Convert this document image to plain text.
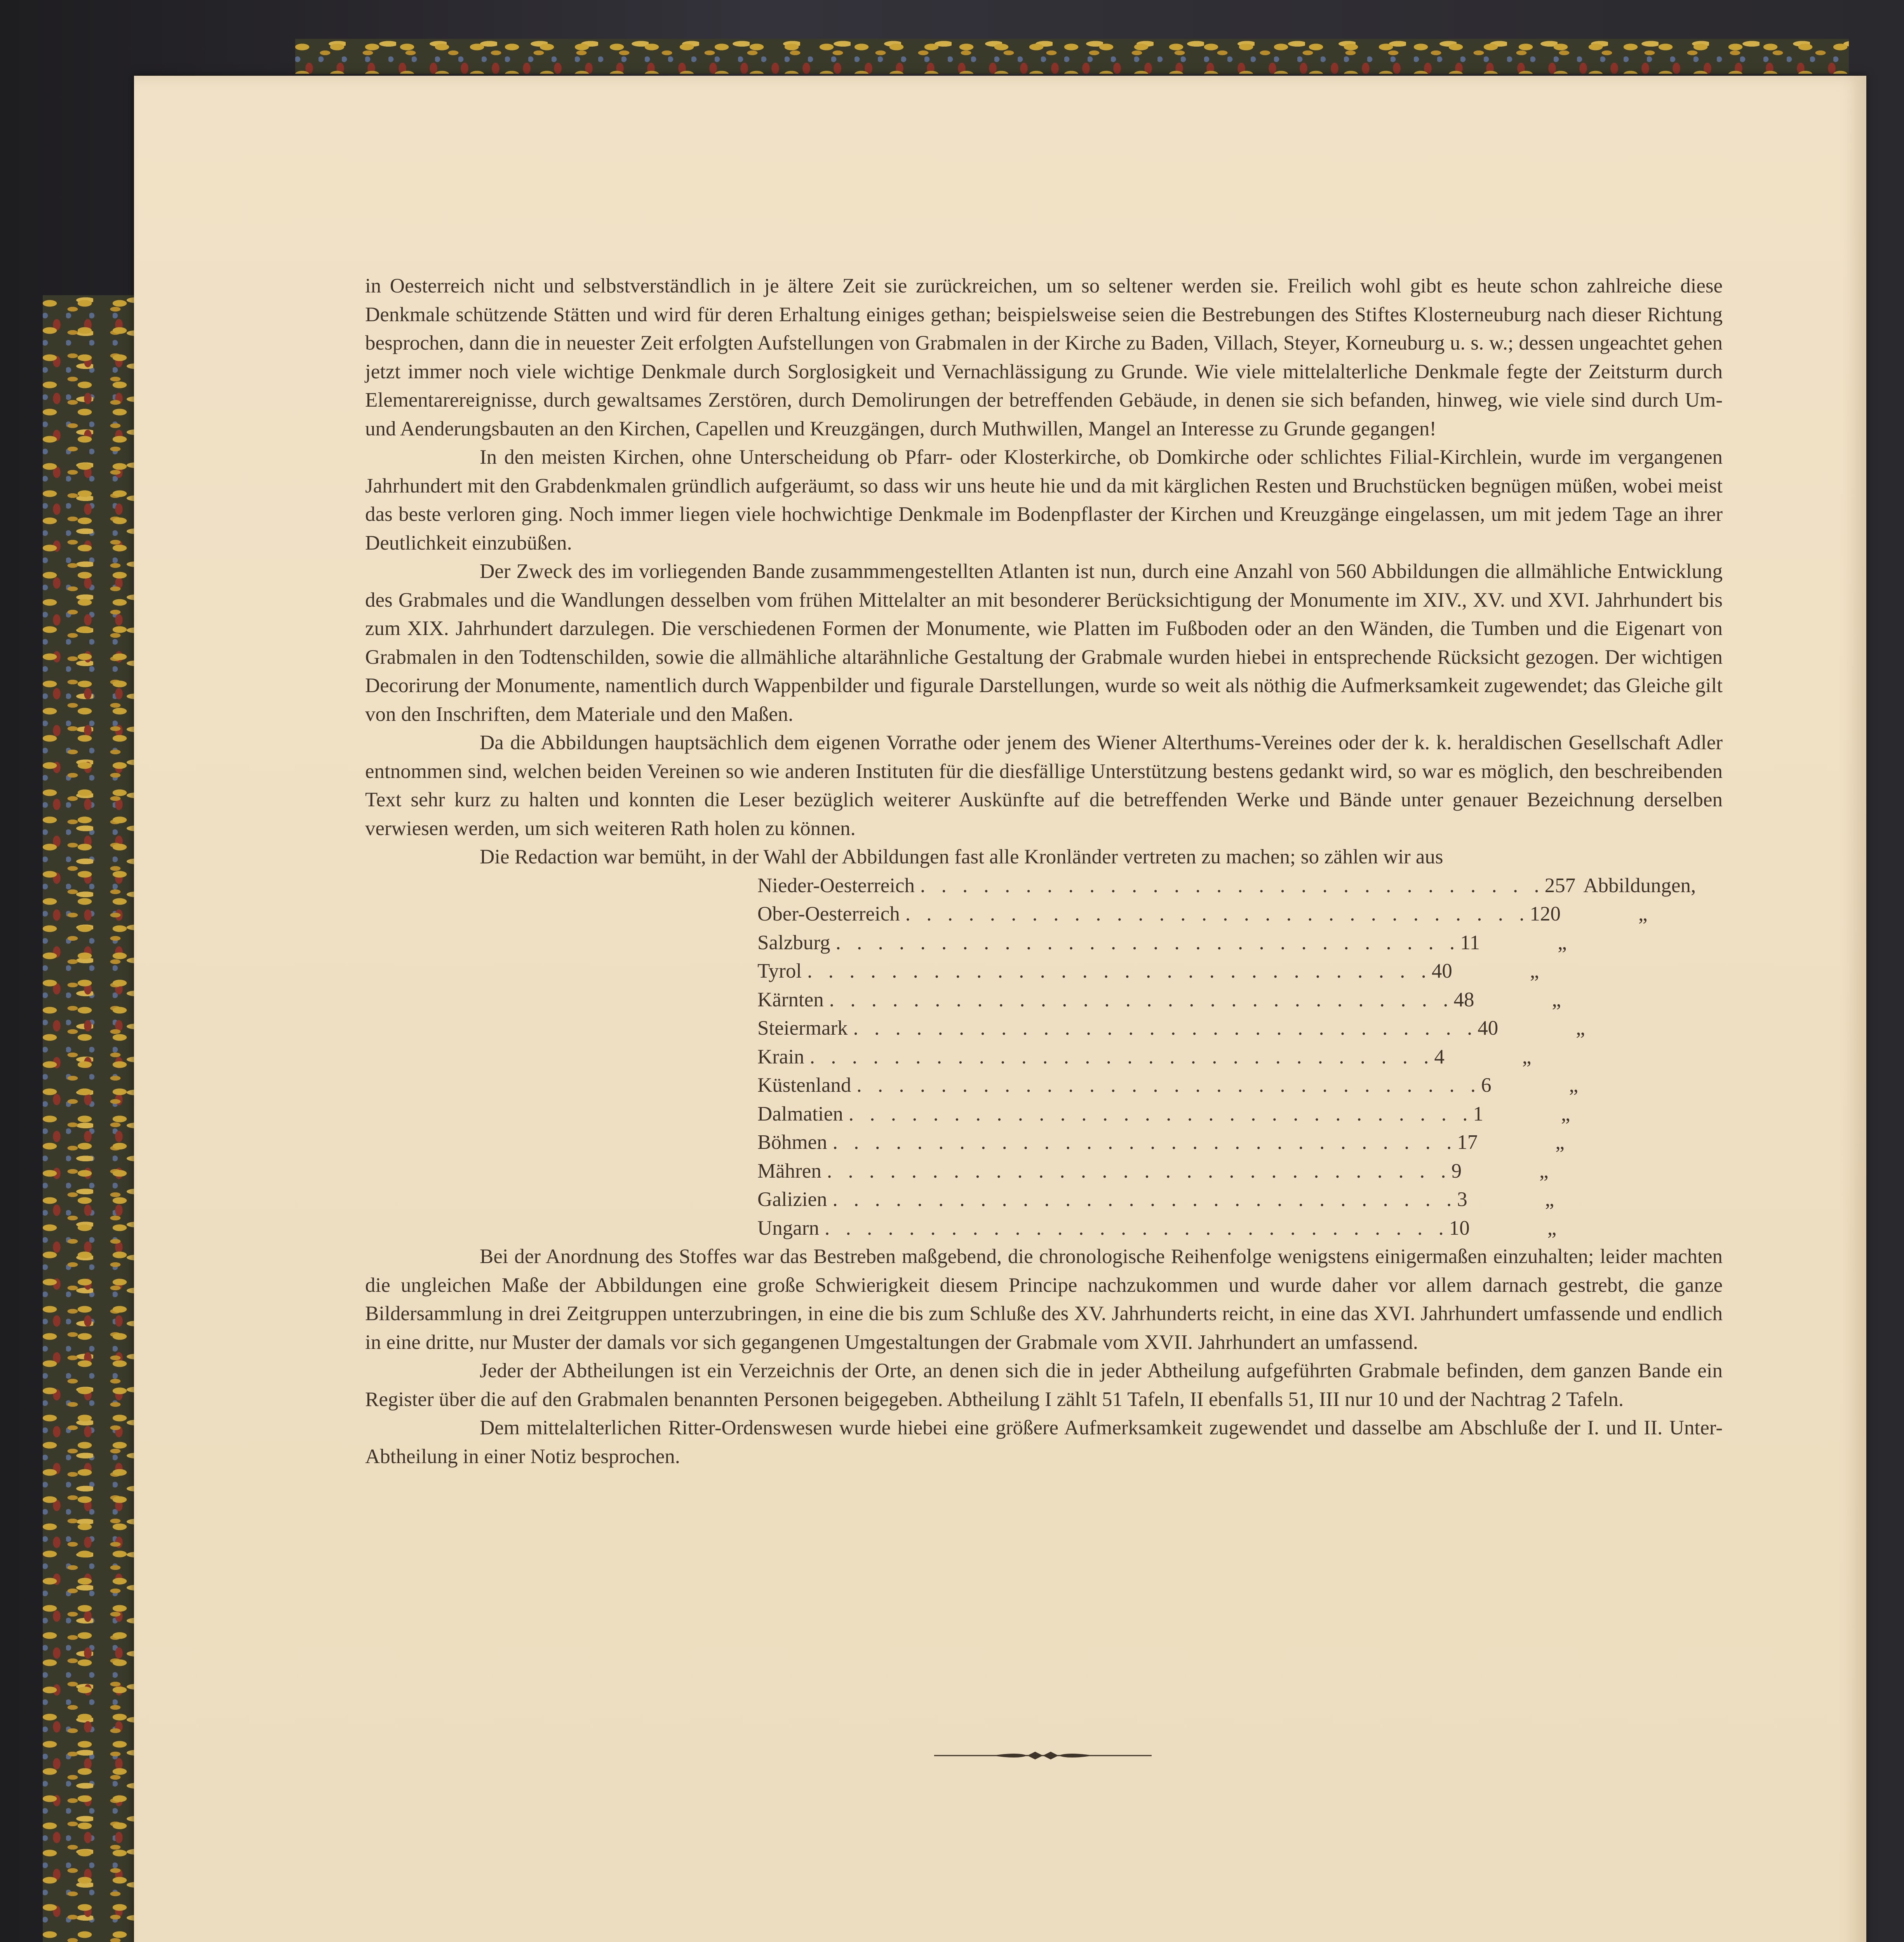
in Oesterreich nicht und selbstverständlich in je ältere Zeit sie zurückreichen, um so seltener werden sie. Freilich wohl gibt es heute schon zahlreiche diese Denkmale schützende Stätten und wird für deren Erhaltung einiges gethan; beispielsweise seien die Bestrebungen des Stiftes Klosterneuburg nach dieser Richtung besprochen, dann die in neuester Zeit erfolgten Aufstellungen von Grabmalen in der Kirche zu Baden, Villach, Steyer, Korneuburg u. s. w.; dessen ungeachtet gehen jetzt immer noch viele wichtige Denkmale durch Sorglosigkeit und Vernachlässigung zu Grunde. Wie viele mittelalterliche Denkmale fegte der Zeitsturm durch Elementarereignisse, durch gewaltsames Zerstören, durch Demolirungen der betreffenden Gebäude, in denen sie sich befanden, hinweg, wie viele sind durch Um- und Aenderungsbauten an den Kirchen, Capellen und Kreuzgängen, durch Muthwillen, Mangel an Interesse zu Grunde gegangen!

In den meisten Kirchen, ohne Unterscheidung ob Pfarr- oder Klosterkirche, ob Domkirche oder schlichtes Filial-Kirchlein, wurde im vergangenen Jahrhundert mit den Grabdenkmalen gründlich aufgeräumt, so dass wir uns heute hie und da mit kärglichen Resten und Bruchstücken begnügen müßen, wobei meist das beste verloren ging. Noch immer liegen viele hochwichtige Denkmale im Bodenpflaster der Kirchen und Kreuzgänge eingelassen, um mit jedem Tage an ihrer Deutlichkeit einzubüßen.

Der Zweck des im vorliegenden Bande zusammmengestellten Atlanten ist nun, durch eine Anzahl von 560 Abbildungen die allmähliche Entwicklung des Grabmales und die Wandlungen desselben vom frühen Mittelalter an mit besonderer Berücksichtigung der Monumente im XIV., XV. und XVI. Jahrhundert bis zum XIX. Jahrhundert darzulegen. Die verschiedenen Formen der Monumente, wie Platten im Fußboden oder an den Wänden, die Tumben und die Eigenart von Grabmalen in den Todtenschilden, sowie die allmähliche altarähnliche Gestaltung der Grabmale wurden hiebei in entsprechende Rücksicht gezogen. Der wichtigen Decorirung der Monumente, namentlich durch Wappenbilder und figurale Darstellungen, wurde so weit als nöthig die Aufmerksamkeit zugewendet; das Gleiche gilt von den Inschriften, dem Materiale und den Maßen.

Da die Abbildungen hauptsächlich dem eigenen Vorrathe oder jenem des Wiener Alterthums-Vereines oder der k. k. heraldischen Gesellschaft Adler entnommen sind, welchen beiden Vereinen so wie anderen Instituten für die diesfällige Unterstützung bestens gedankt wird, so war es möglich, den beschreibenden Text sehr kurz zu halten und konnten die Leser bezüglich weiterer Auskünfte auf die betreffenden Werke und Bände unter genauer Bezeichnung derselben verwiesen werden, um sich weiteren Rath holen zu können.

Die Redaction war bemüht, in der Wahl der Abbildungen fast alle Kronländer vertreten zu machen; so zählen wir aus

Nieder-Oesterreich . . . . . . . . . . . . . . . . . . . . . . . . . . . . . . 257 Abbildungen,
Ober-Oesterreich . . . . . . . . . . . . . . . . . . . . . . . . . . . . . . 120	„
Salzburg . . . . . . . . . . . . . . . . . . . . . . . . . . . . . . 11	„
Tyrol . . . . . . . . . . . . . . . . . . . . . . . . . . . . . . 40	„
Kärnten . . . . . . . . . . . . . . . . . . . . . . . . . . . . . . 48	„
Steiermark . . . . . . . . . . . . . . . . . . . . . . . . . . . . . . 40	„
Krain . . . . . . . . . . . . . . . . . . . . . . . . . . . . . . 4	„
Küstenland . . . . . . . . . . . . . . . . . . . . . . . . . . . . . . 6	„
Dalmatien . . . . . . . . . . . . . . . . . . . . . . . . . . . . . . 1	„
Böhmen . . . . . . . . . . . . . . . . . . . . . . . . . . . . . . 17	„
Mähren . . . . . . . . . . . . . . . . . . . . . . . . . . . . . . 9	„
Galizien . . . . . . . . . . . . . . . . . . . . . . . . . . . . . . 3	„
Ungarn . . . . . . . . . . . . . . . . . . . . . . . . . . . . . . 10	„

Bei der Anordnung des Stoffes war das Bestreben maßgebend, die chronologische Reihenfolge wenigstens einigermaßen einzuhalten; leider machten die ungleichen Maße der Abbildungen eine große Schwierigkeit diesem Principe nachzukommen und wurde daher vor allem darnach gestrebt, die ganze Bildersammlung in drei Zeitgruppen unterzubringen, in eine die bis zum Schluße des XV. Jahrhunderts reicht, in eine das XVI. Jahrhundert umfassende und endlich in eine dritte, nur Muster der damals vor sich gegangenen Umgestaltungen der Grabmale vom XVII. Jahrhundert an umfassend.

Jeder der Abtheilungen ist ein Verzeichnis der Orte, an denen sich die in jeder Abtheilung aufgeführten Grabmale befinden, dem ganzen Bande ein Register über die auf den Grabmalen benannten Personen beigegeben. Abtheilung I zählt 51 Tafeln, II ebenfalls 51, III nur 10 und der Nachtrag 2 Tafeln.

Dem mittelalterlichen Ritter-Ordenswesen wurde hiebei eine größere Aufmerksamkeit zugewendet und dasselbe am Abschluße der I. und II. Unter-Abtheilung in einer Notiz besprochen.
